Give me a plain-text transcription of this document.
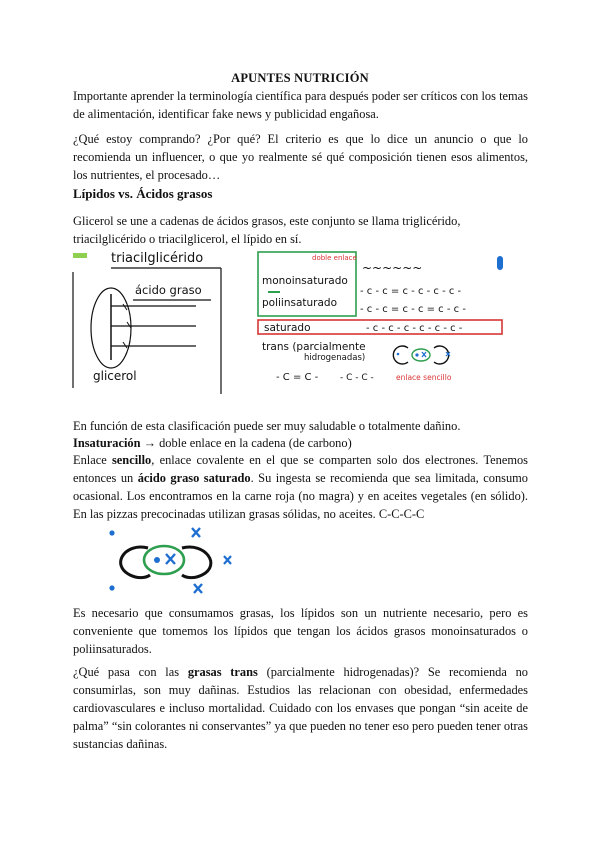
APUNTES NUTRICIÓN

Importante aprender la terminología científica para después poder ser críticos con los temas de alimentación, identificar fake news y publicidad engañosa.

¿Qué estoy comprando? ¿Por qué? El criterio es que lo dice un anuncio o que lo recomienda un influencer, o que yo realmente sé qué composición tienen esos alimentos, los nutrientes, el procesado…

Lípidos vs. Ácidos grasos

Glicerol se une a cadenas de ácidos grasos, este conjunto se llama triglicérido, triacilglicérido o triacilglicerol, el lípido en sí.

triacilglicérido
ácido graso
glicerol
doble enlace
monoinsaturado
~~~~~~
poliinsaturado
- c - c = c - c - c - c -
- c - c = c - c = c - c -
saturado	- c - c - c - c - c - c -
trans (parcialmente
hidrogenadas)
- C = C - - C - C -	enlace sencillo

En función de esta clasificación puede ser muy saludable o totalmente dañino.

Insaturación → doble enlace en la cadena (de carbono)

Enlace sencillo, enlace covalente en el que se comparten solo dos electrones. Tenemos entonces un ácido graso saturado. Su ingesta se recomienda que sea limitada, consumo ocasional. Los encontramos en la carne roja (no magra) y en aceites vegetales (en sólido). En las pizzas precocinadas utilizan grasas sólidas, no aceites. C-C-C-C

Es necesario que consumamos grasas, los lípidos son un nutriente necesario, pero es conveniente que tomemos los lípidos que tengan los ácidos grasos monoinsaturados o poliinsaturados.

¿Qué pasa con las grasas trans (parcialmente hidrogenadas)? Se recomienda no consumirlas, son muy dañinas. Estudios las relacionan con obesidad, enfermedades cardiovasculares e incluso mortalidad. Cuidado con los envases que pongan “sin aceite de palma” “sin colorantes ni conservantes” ya que pueden no tener eso pero pueden tener otras sustancias dañinas.
